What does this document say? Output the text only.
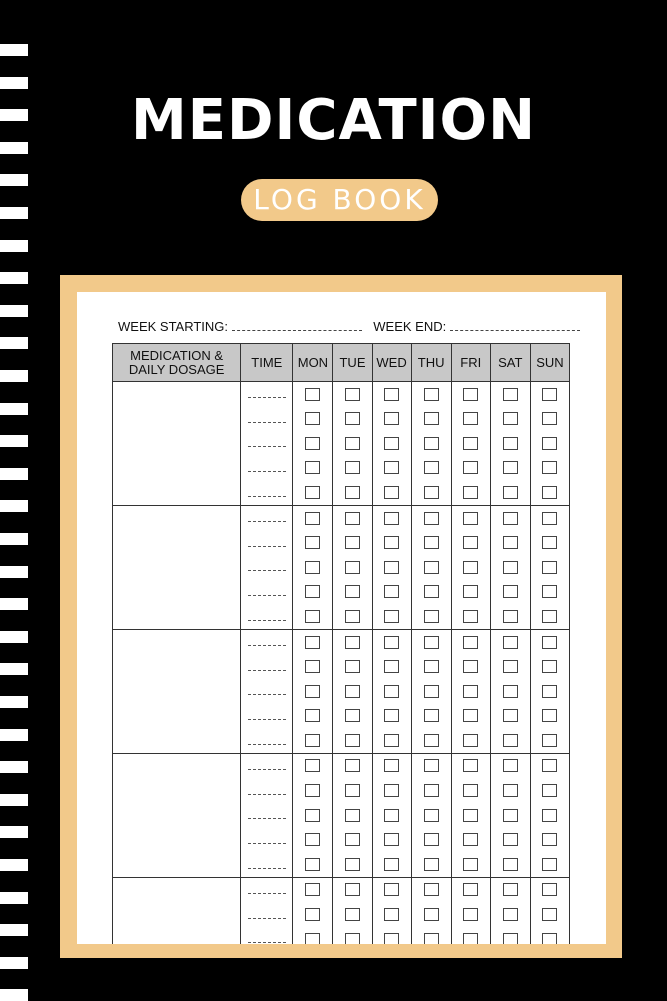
MEDICATION
LOG BOOK
WEEK STARTING:	WEEK END:
MEDICATION & DAILY DOSAGE	TIME	MON	TUE	WED	THU	FRI	SAT	SUN
